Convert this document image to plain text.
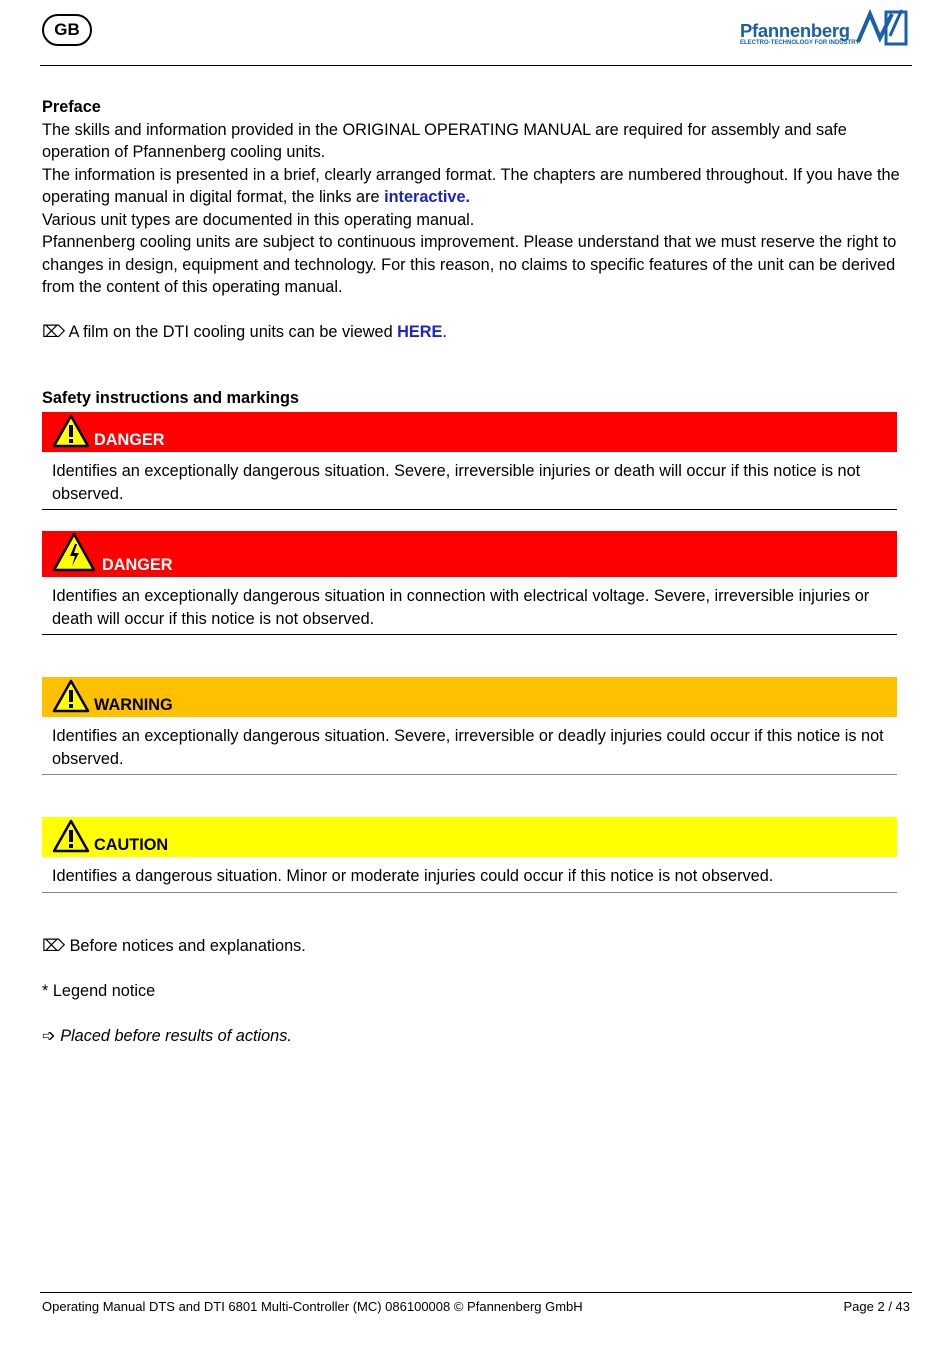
GB	Pfannenberg
ELECTRO-TECHNOLOGY FOR INDUSTRY

Preface

The skills and information provided in the ORIGINAL OPERATING MANUAL are required for assembly and safe operation of Pfannenberg cooling units.

The information is presented in a brief, clearly arranged format. The chapters are numbered throughout. If you have the operating manual in digital format, the links are interactive.

Various unit types are documented in this operating manual.

Pfannenberg cooling units are subject to continuous improvement. Please understand that we must reserve the right to changes in design, equipment and technology. For this reason, no claims to specific features of the unit can be derived from the content of this operating manual.

⌦ A film on the DTI cooling units can be viewed HERE.

Safety instructions and markings
DANGER
Identifies an exceptionally dangerous situation. Severe, irreversible injuries or death will occur if this notice is not observed.
DANGER
Identifies an exceptionally dangerous situation in connection with electrical voltage. Severe, irreversible injuries or death will occur if this notice is not observed.
WARNING
Identifies an exceptionally dangerous situation. Severe, irreversible or deadly injuries could occur if this notice is not observed.
CAUTION
Identifies a dangerous situation. Minor or moderate injuries could occur if this notice is not observed.
⌦ Before notices and explanations.
* Legend notice
➩ Placed before results of actions.
Operating Manual DTS and DTI 6801 Multi-Controller (MC) 086100008 © Pfannenberg GmbH	Page 2 / 43
